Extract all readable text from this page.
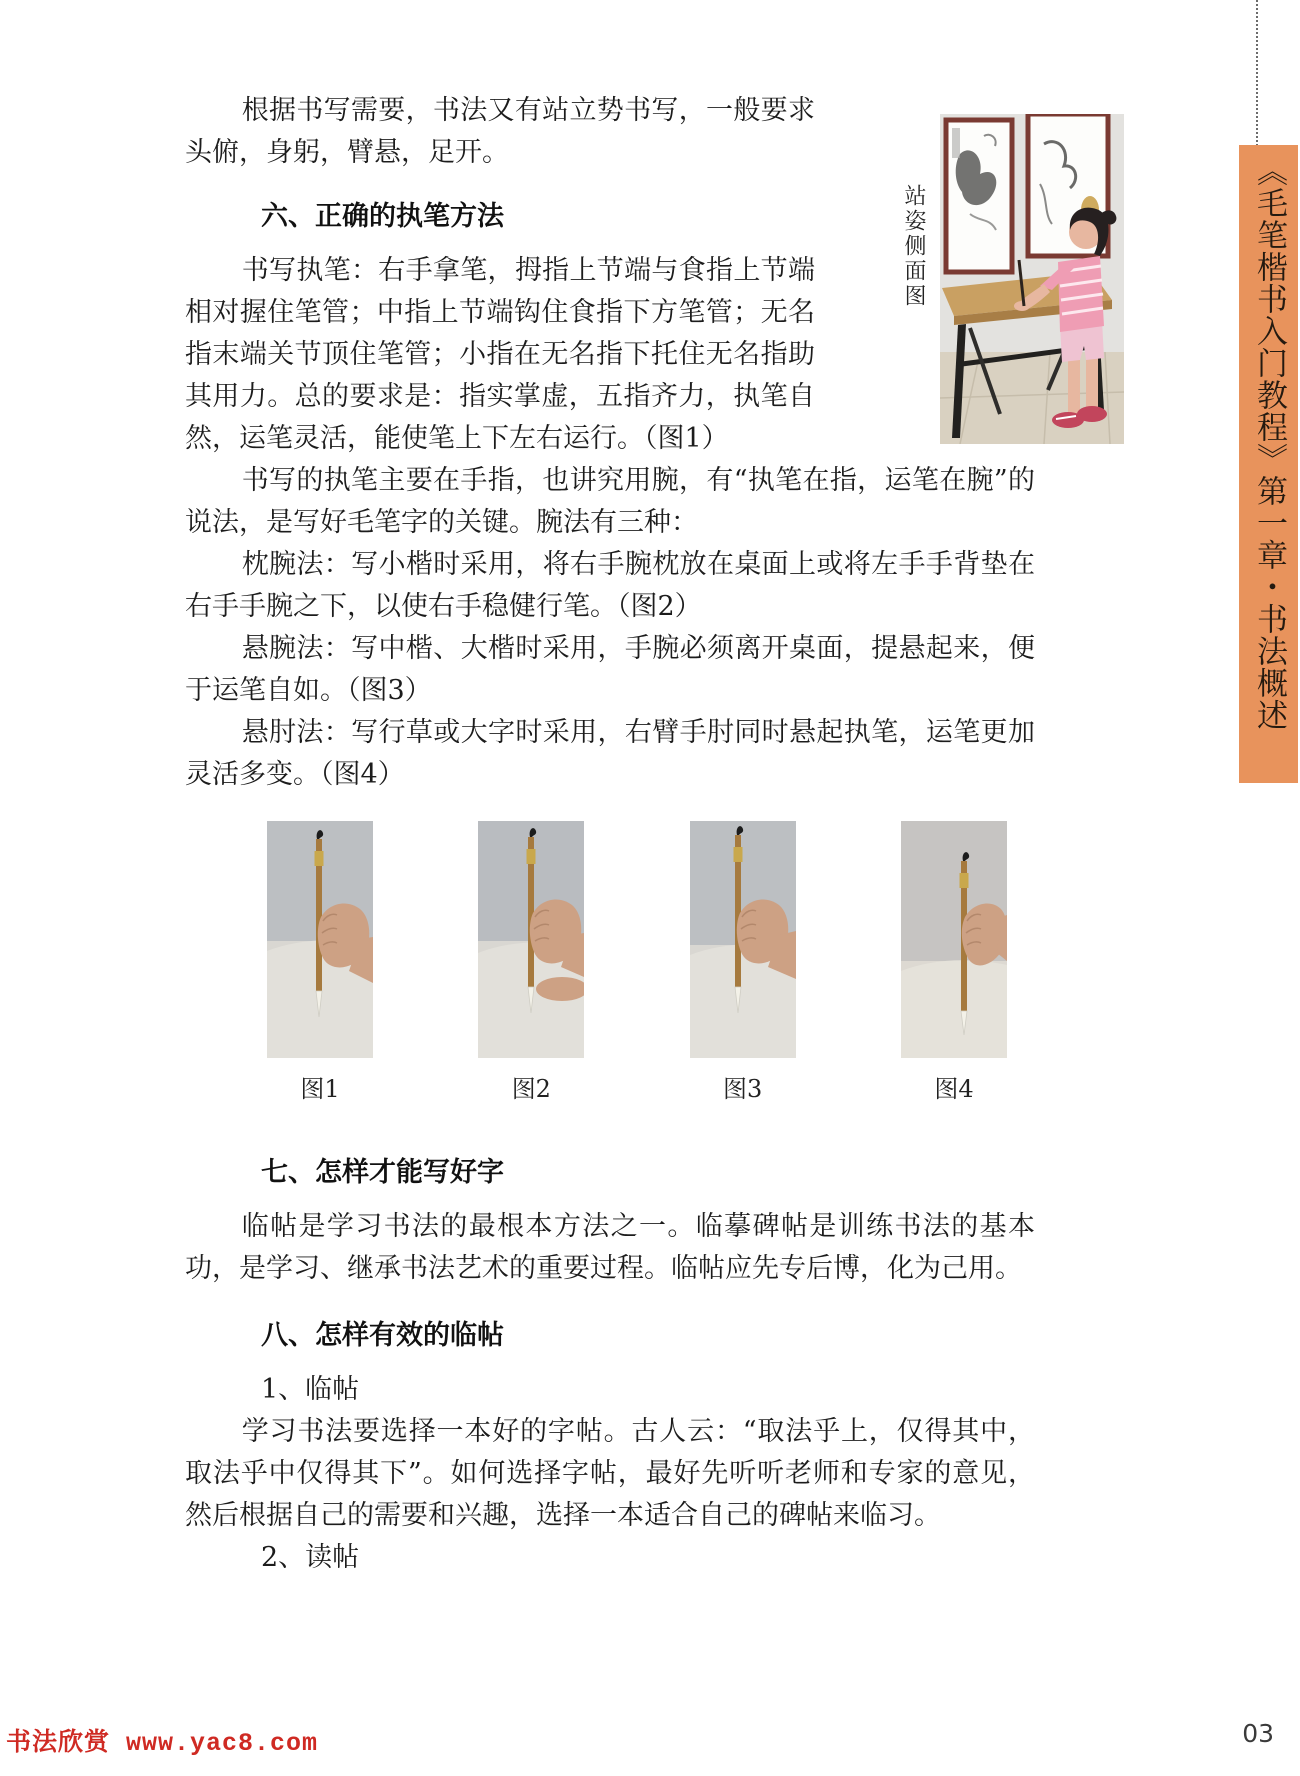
《毛笔楷书入门教程》第一章・书法概述
站姿侧面图

根据书写需要，书法又有站立势书写，一般要求头俯，身躬，臂悬，足开。

六、正确的执笔方法

书写执笔：右手拿笔，拇指上节端与食指上节端相对握住笔管；中指上节端钩住食指下方笔管；无名指末端关节顶住笔管；小指在无名指下托住无名指助其用力。总的要求是：指实掌虚，五指齐力，执笔自然，运笔灵活，能使笔上下左右运行。（图1）

书写的执笔主要在手指，也讲究用腕，有“执笔在指，运笔在腕”的说法，是写好毛笔字的关键。腕法有三种：

枕腕法：写小楷时采用，将右手腕枕放在桌面上或将左手手背垫在右手手腕之下，以使右手稳健行笔。（图2）

悬腕法：写中楷、大楷时采用，手腕必须离开桌面，提悬起来，便于运笔自如。（图3）

悬肘法：写行草或大字时采用，右臂手肘同时悬起执笔，运笔更加灵活多变。（图4）

图1	图2	图3	图4
七、怎样才能写好字

临帖是学习书法的最根本方法之一。临摹碑帖是训练书法的基本功，是学习、继承书法艺术的重要过程。临帖应先专后博，化为己用。

八、怎样有效的临帖

1、临帖

学习书法要选择一本好的字帖。古人云：“取法乎上，仅得其中，取法乎中仅得其下”。如何选择字帖，最好先听听老师和专家的意见，然后根据自己的需要和兴趣，选择一本适合自己的碑帖来临习。

2、读帖

书法欣赏 www.yac8.com	03
